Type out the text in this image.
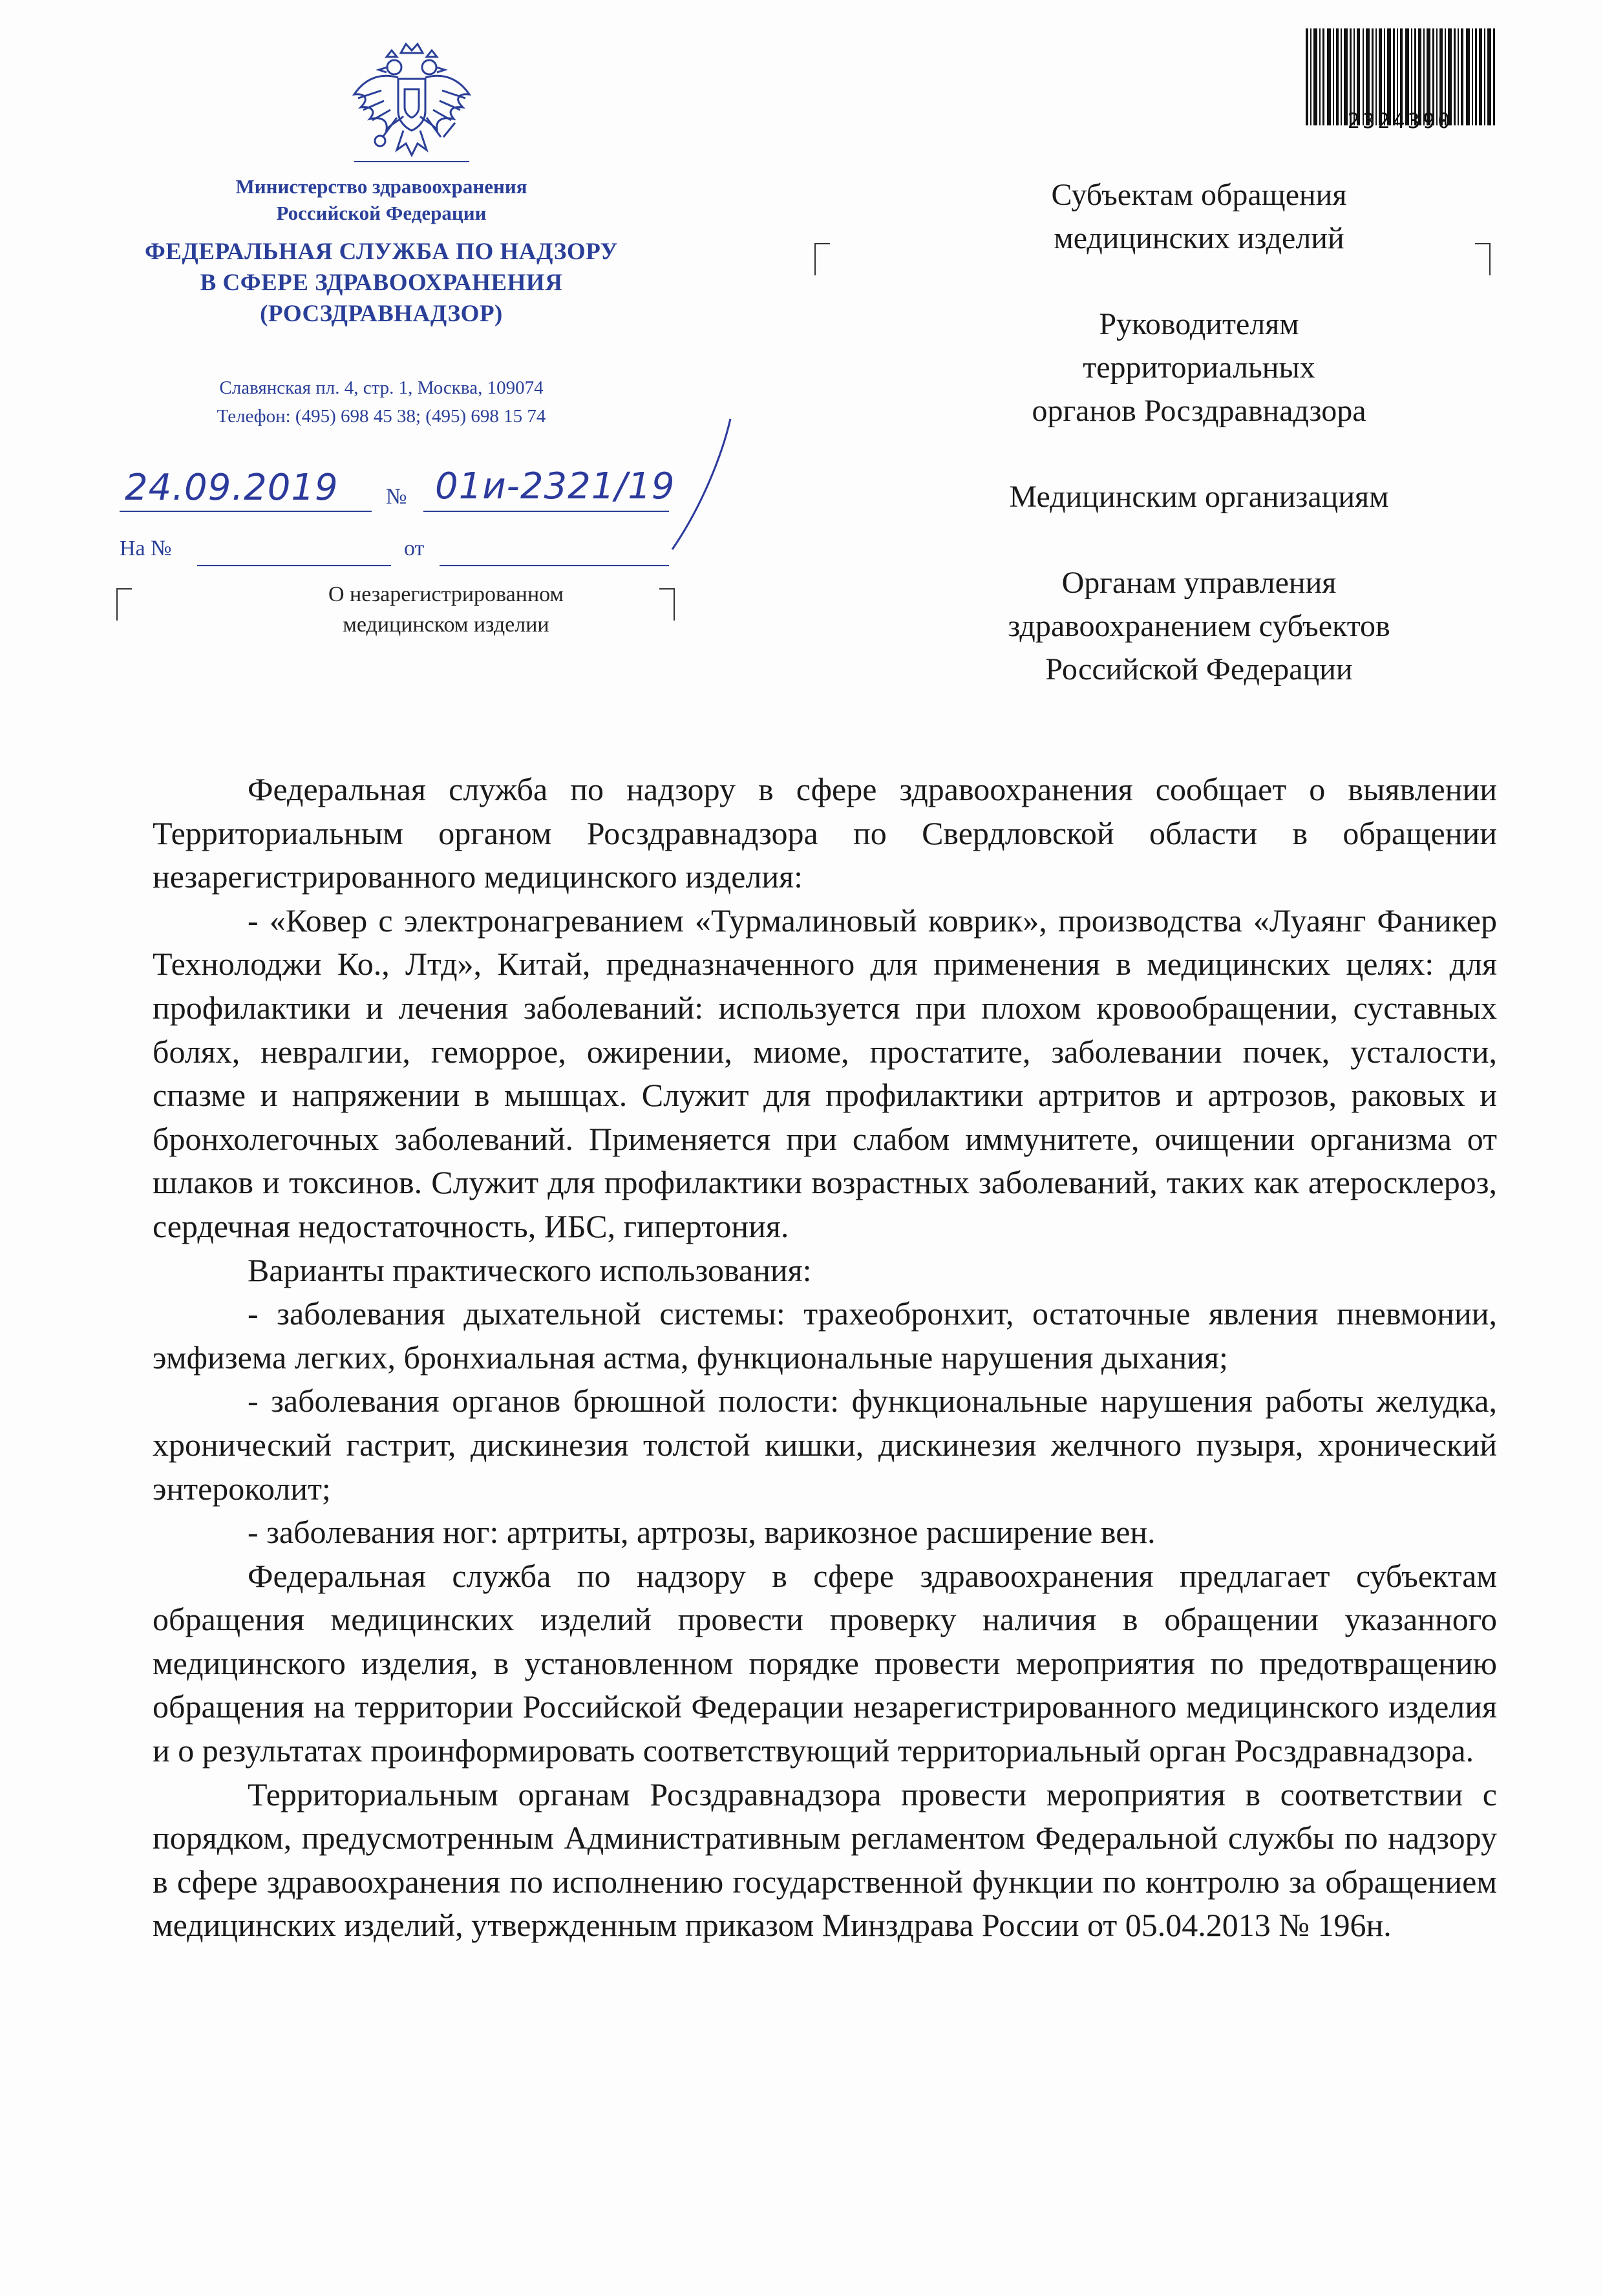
Министерство здравоохранения
Российской Федерации
ФЕДЕРАЛЬНАЯ СЛУЖБА ПО НАДЗОРУ
В СФЕРЕ ЗДРАВООХРАНЕНИЯ
(РОСЗДРАВНАДЗОР)
Славянская пл. 4, стр. 1, Москва, 109074
Телефон: (495) 698 45 38; (495) 698 15 74
24.09.2019 № 01и-2321/19
На №	от
О незарегистрированном
медицинском изделии
2324390
Субъектам обращения
медицинских изделий
Руководителям
территориальных
органов Росздравнадзора
Медицинским организациям
Органам управления
здравоохранением субъектов
Российской Федерации

Федеральная служба по надзору в сфере здравоохранения сообщает о выявлении Территориальным органом Росздравнадзора по Свердловской области в обращении незарегистрированного медицинского изделия:

- «Ковер с электронагреванием «Турмалиновый коврик», производства «Луаянг Фаникер Технолоджи Ко., Лтд», Китай, предназначенного для применения в медицинских целях: для профилактики и лечения заболеваний: используется при плохом кровообращении, суставных болях, невралгии, геморрое, ожирении, миоме, простатите, заболевании почек, усталости, спазме и напряжении в мышцах. Служит для профилактики артритов и артрозов, раковых и бронхолегочных заболеваний. Применяется при слабом иммунитете, очищении организма от шлаков и токсинов. Служит для профилактики возрастных заболеваний, таких как атеросклероз, сердечная недостаточность, ИБС, гипертония.

Варианты практического использования:

- заболевания дыхательной системы: трахеобронхит, остаточные явления пневмонии, эмфизема легких, бронхиальная астма, функциональные нарушения дыхания;

- заболевания органов брюшной полости: функциональные нарушения работы желудка, хронический гастрит, дискинезия толстой кишки, дискинезия желчного пузыря, хронический энтероколит;

- заболевания ног: артриты, артрозы, варикозное расширение вен.

Федеральная служба по надзору в сфере здравоохранения предлагает субъектам обращения медицинских изделий провести проверку наличия в обращении указанного медицинского изделия, в установленном порядке провести мероприятия по предотвращению обращения на территории Российской Федерации незарегистрированного медицинского изделия и о результатах проинформировать соответствующий территориальный орган Росздравнадзора.

Территориальным органам Росздравнадзора провести мероприятия в соответствии с порядком, предусмотренным Административным регламентом Федеральной службы по надзору в сфере здравоохранения по исполнению государственной функции по контролю за обращением медицинских изделий, утвержденным приказом Минздрава России от 05.04.2013 № 196н.
